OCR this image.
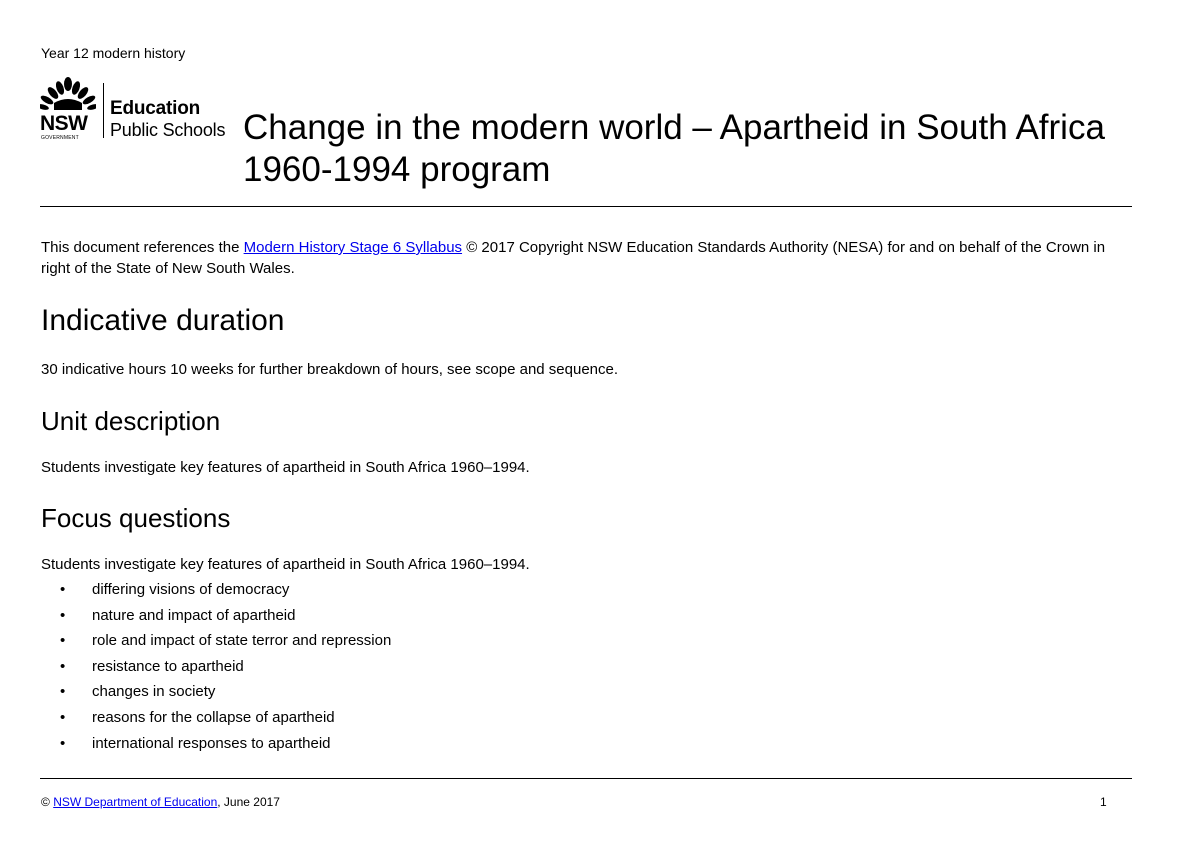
Year 12 modern history
NSW
GOVERNMENT
Education
Public Schools Change in the modern world – Apartheid in South Africa 1960-1994 program

This document references the Modern History Stage 6 Syllabus © 2017 Copyright NSW Education Standards Authority (NESA) for and on behalf of the Crown in right of the State of New South Wales.

Indicative duration

30 indicative hours 10 weeks for further breakdown of hours, see scope and sequence.

Unit description

Students investigate key features of apartheid in South Africa 1960–1994.

Focus questions

Students investigate key features of apartheid in South Africa 1960–1994.

• differing visions of democracy
• nature and impact of apartheid
• role and impact of state terror and repression
• resistance to apartheid
• changes in society
• reasons for the collapse of apartheid
• international responses to apartheid
© NSW Department of Education, June 2017	1
